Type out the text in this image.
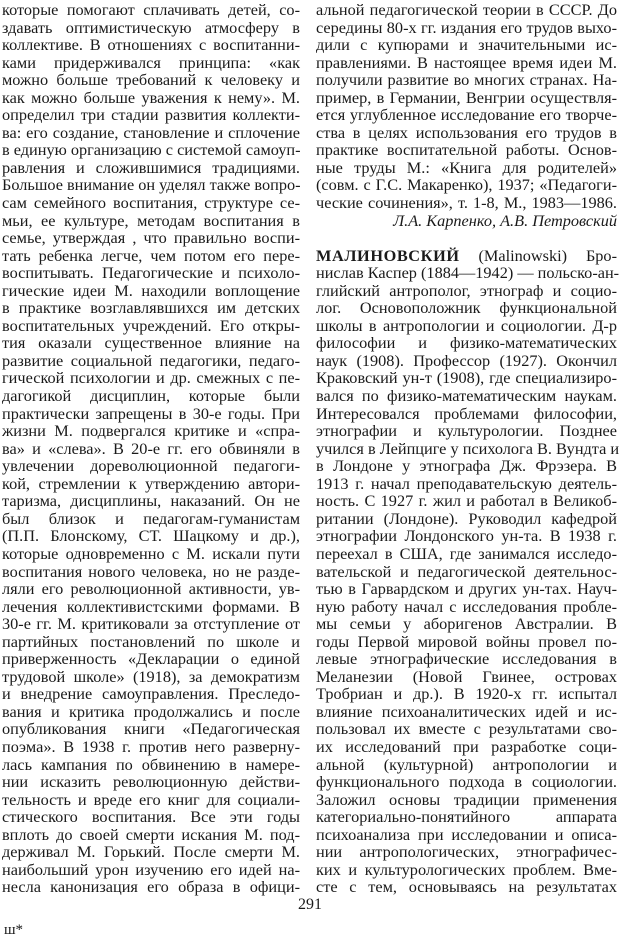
которые помогают сплачивать детей, со-
здавать оптимистическую атмосферу в
коллективе. В отношениях с воспитанни-
ками придерживался принципа: «как
можно больше требований к человеку и
как можно больше уважения к нему». М.
определил три стадии развития коллекти-
ва: его создание, становление и сплочение
в единую организацию с системой самоуп-
равления и сложившимися традициями.
Большое внимание он уделял также вопро-
сам семейного воспитания, структуре се-
мьи, ее культуре, методам воспитания в
семье, утверждая , что правильно воспи-
тать ребенка легче, чем потом его пере-
воспитывать. Педагогические и психоло-
гические идеи М. находили воплощение
в практике возглавлявшихся им детских
воспитательных учреждений. Его откры-
тия оказали существенное влияние на
развитие социальной педагогики, педаго-
гической психологии и др. смежных с пе-
дагогикой дисциплин, которые были
практически запрещены в 30-е годы. При
жизни М. подвергался критике и «спра-
ва» и «слева». В 20-е гг. его обвиняли в
увлечении дореволюционной педагоги-
кой, стремлении к утверждению автори-
таризма, дисциплины, наказаний. Он не
был близок и педагогам-гуманистам
(П.П. Блонскому, СТ. Шацкому и др.),
которые одновременно с М. искали пути
воспитания нового человека, но не разде-
ляли его революционной активности, ув-
лечения коллективистскими формами. В
30-е гг. М. критиковали за отступление от
партийных постановлений по школе и
приверженность «Декларации о единой
трудовой школе» (1918), за демократизм
и внедрение самоуправления. Преследо-
вания и критика продолжались и после
опубликования книги «Педагогическая
поэма». В 1938 г. против него разверну-
лась кампания по обвинению в намере-
нии исказить революционную действи-
тельность и вреде его книг для социали-
стического воспитания. Все эти годы
вплоть до своей смерти искания М. под-
держивал М. Горький. После смерти М.
наибольший урон изучению его идей на-
несла канонизация его образа в офици-
альной педагогической теории в СССР. До
середины 80-х гг. издания его трудов выхо-
дили с купюрами и значительными ис-
правлениями. В настоящее время идеи М.
получили развитие во многих странах. На-
пример, в Германии, Венгрии осуществля-
ется углубленное исследование его творче-
ства в целях использования его трудов в
практике воспитательной работы. Основ-
ные труды М.: «Книга для родителей»
(совм. с Г.С. Макаренко), 1937; «Педагоги-
ческие сочинения», т. 1-8, М., 1983—1986.
Л.А. Карпенко, А.В. Петровский
МАЛИНОВСКИЙ (Malinowski) Бро-
нислав Каспер (1884—1942) — польско-ан-
глийский антрополог, этнограф и социо-
лог. Основоположник функциональной
школы в антропологии и социологии. Д-р
философии и физико-математических
наук (1908). Профессор (1927). Окончил
Краковский ун-т (1908), где специализиро-
вался по физико-математическим наукам.
Интересовался проблемами философии,
этнографии и культурологии. Позднее
учился в Лейпциге у психолога В. Вундта и
в Лондоне у этнографа Дж. Фрэзера. В
1913 г. начал преподавательскую деятель-
ность. С 1927 г. жил и работал в Великоб-
ритании (Лондоне). Руководил кафедрой
этнографии Лондонского ун-та. В 1938 г.
переехал в США, где занимался исследо-
вательской и педагогической деятельнос-
тью в Гарвардском и других ун-тах. Науч-
ную работу начал с исследования пробле-
мы семьи у аборигенов Австралии. В
годы Первой мировой войны провел по-
левые этнографические исследования в
Меланезии (Новой Гвинее, островах
Тробриан и др.). В 1920-х гг. испытал
влияние психоаналитических идей и ис-
пользовал их вместе с результатами сво-
их исследований при разработке соци-
альной (культурной) антропологии и
функционального подхода в социологии.
Заложил основы традиции применения
категориально-понятийного аппарата
психоанализа при исследовании и описа-
нии антропологических, этнографичес-
ких и культурологических проблем. Вме-
сте с тем, основываясь на результатах
291
ш*
